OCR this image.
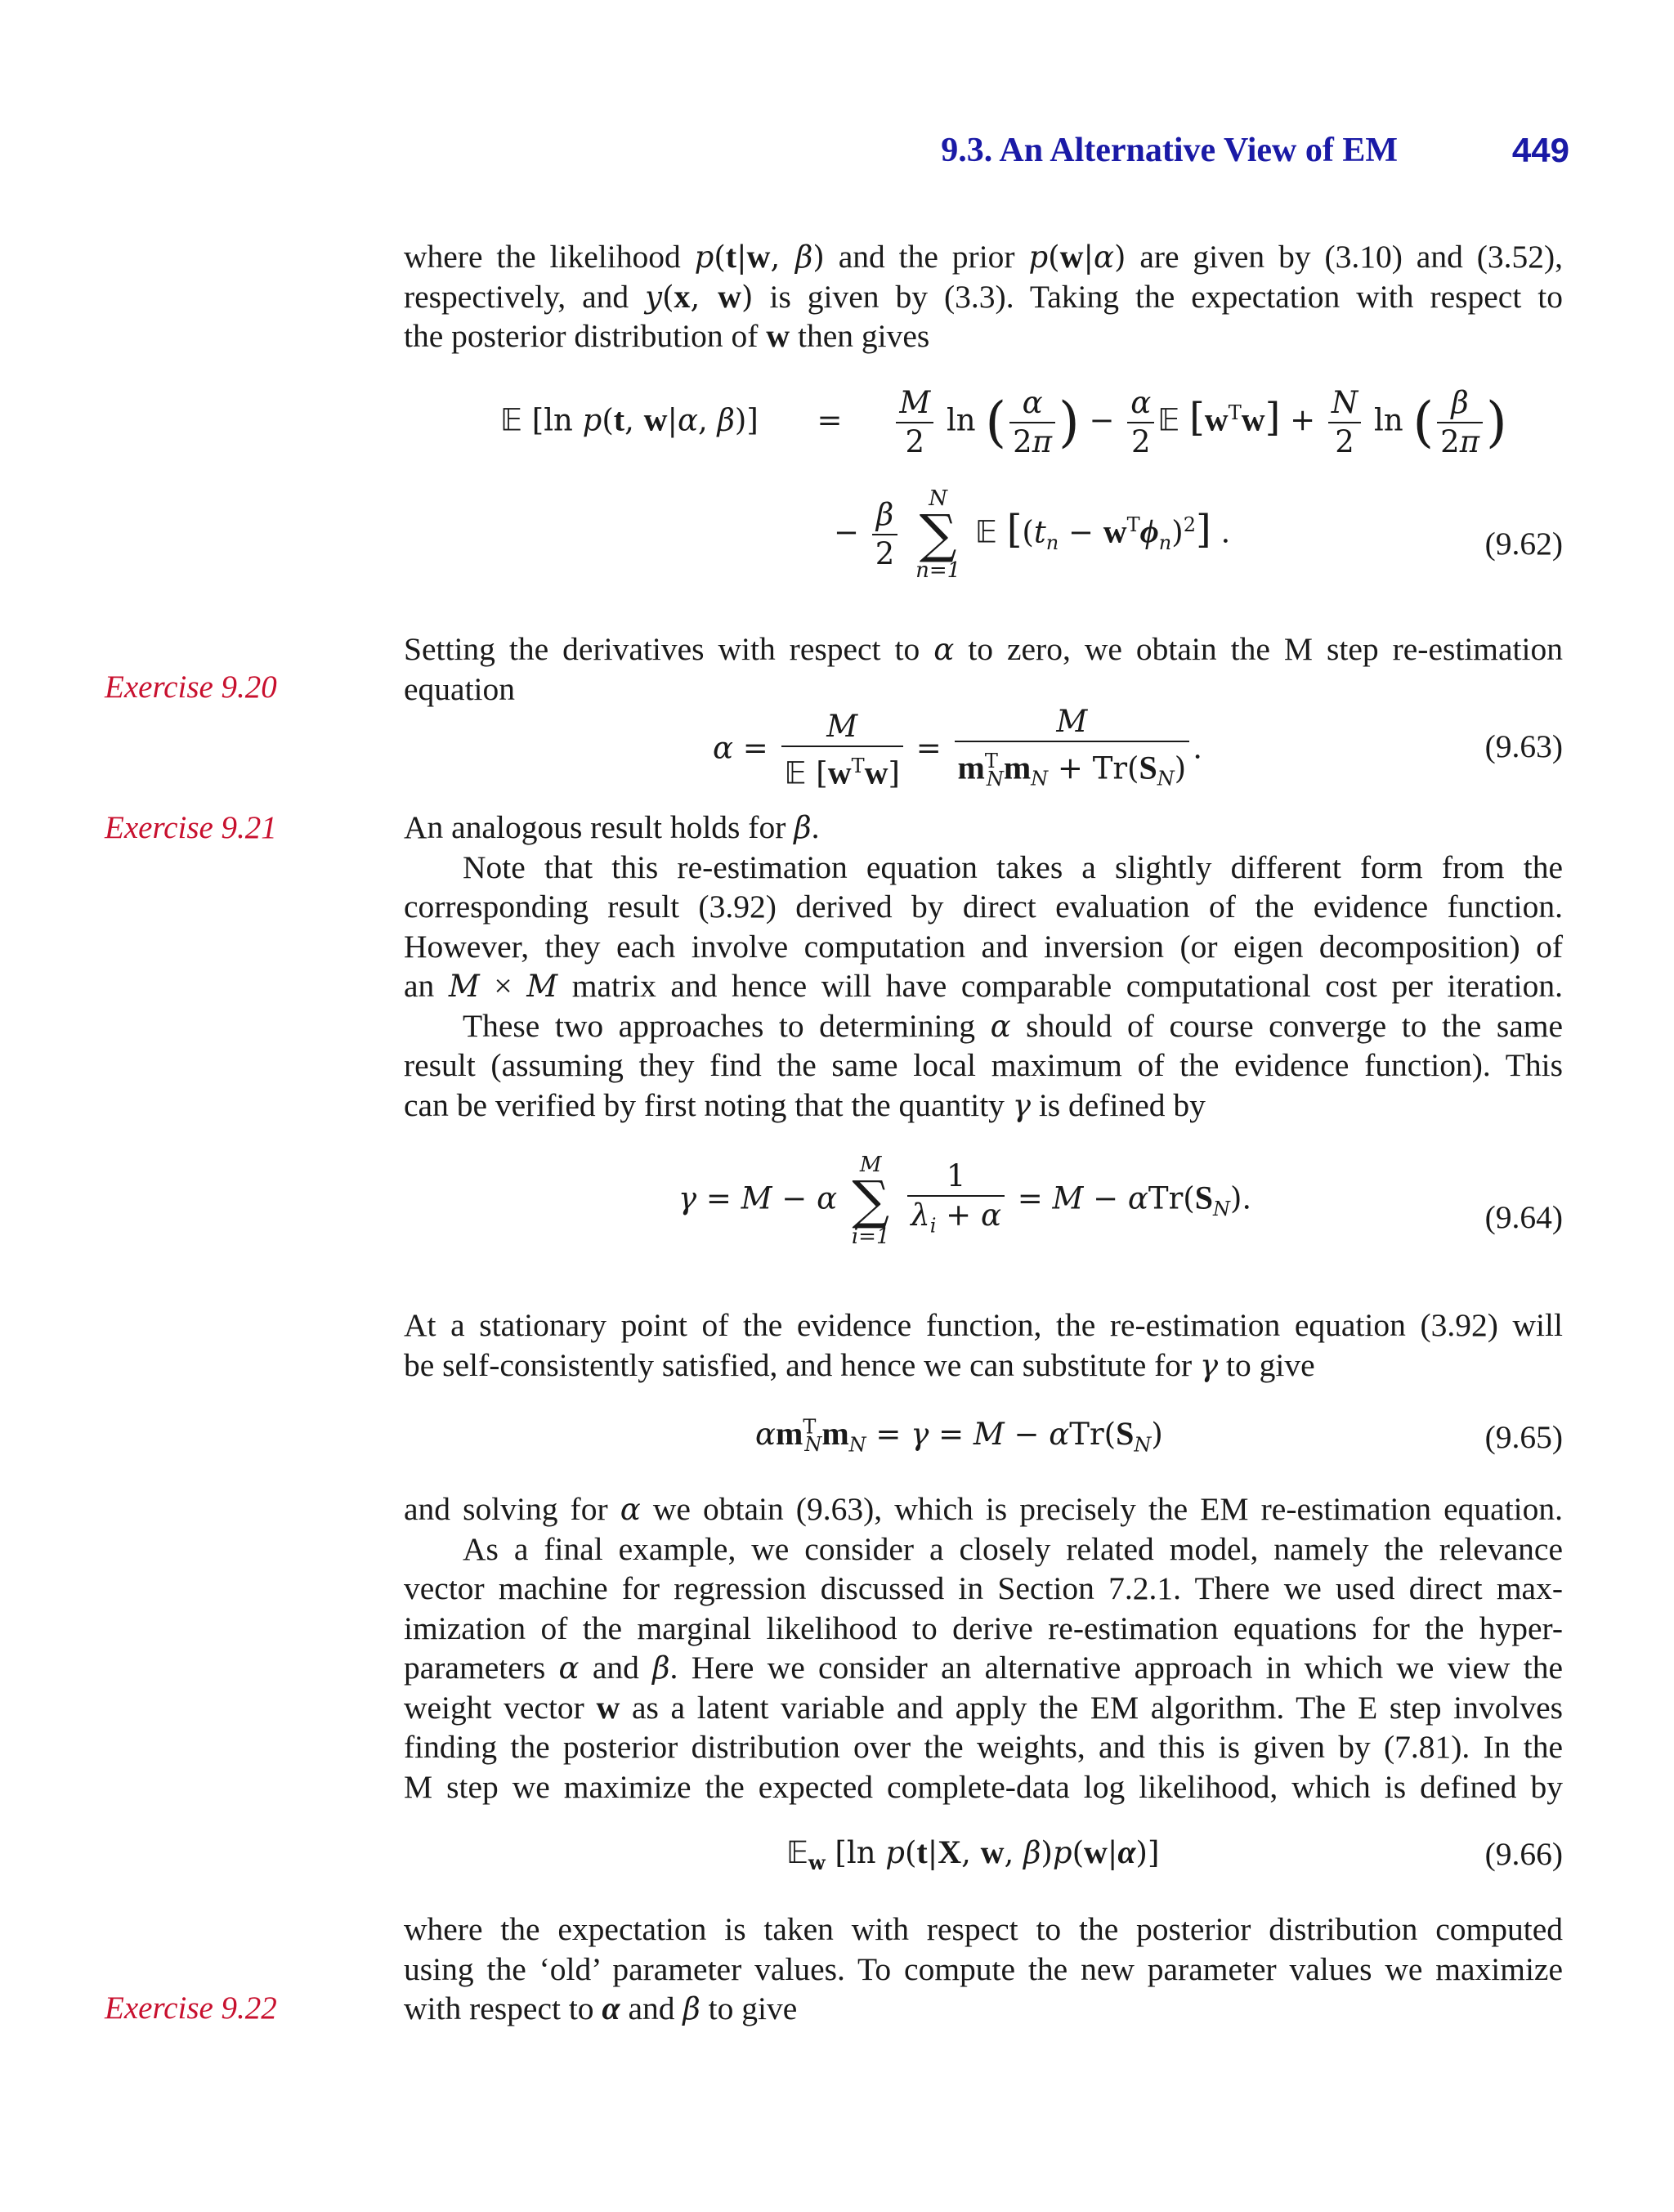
9.3. An Alternative View of EM	449
where the likelihood p(t|w, β) and the prior p(w|α) are given by (3.10) and (3.52),
respectively, and y(x, w) is given by (3.3). Taking the expectation with respect to
the posterior distribution of w then gives
𝔼 [ln p(t, w|α, $\beta)] = \frac{M}{2}$ ln ( $\frac{\alpha}{2\pi}$ ) − $\frac{\alpha}{2}$ 𝔼 $[w^Tw] + \frac{N}{2}$ ln ( $\frac{\beta}{2\pi}$ )
− $\frac{\beta}{2}$
	N
∑
n=1
𝔼 $[(t_n - w^T\phi_n)^2]$ .	(9.62)
Exercise 9.20
Setting the derivatives with respect to α to zero, we obtain the M step re-estimation
equation
$\alpha = \frac{M}{𝔼 [w^Tw]} = \frac{M}{m^T_Nm_N + Tr(S_N)}$ .	(9.63)
Exercise 9.21	An analogous result holds for β.
Note that this re-estimation equation takes a slightly different form from the
corresponding result (3.92) derived by direct evaluation of the evidence function.
However, they each involve computation and inversion (or eigen decomposition) of
an M × M matrix and hence will have comparable computational cost per iteration.
These two approaches to determining α should of course converge to the same
result (assuming they find the same local maximum of the evidence function). This
can be verified by first noting that the quantity γ is defined by
γ = M − α
M
∑
i=1
$\frac{1}{\lambda_i + \alpha} = M - \alpha Tr(S_N)$.
(9.64)
At a stationary point of the evidence function, the re-estimation equation (3.92) will
be self-consistently satisfied, and hence we can substitute for γ to give
$\alpha m^T_Nm_N = \gamma = M - \alpha Tr(S_N)$	(9.65)
and solving for α we obtain (9.63), which is precisely the EM re-estimation equation.
As a final example, we consider a closely related model, namely the relevance
vector machine for regression discussed in Section 7.2.1. There we used direct max-
imization of the marginal likelihood to derive re-estimation equations for the hyper-
parameters α and β. Here we consider an alternative approach in which we view the
weight vector w as a latent variable and apply the EM algorithm. The E step involves
finding the posterior distribution over the weights, and this is given by (7.81). In the
M step we maximize the expected complete-data log likelihood, which is defined by
𝔼$_w$ [ln p(t|X, w, β)p(w|α)]	(9.66)
Exercise 9.22
where the expectation is taken with respect to the posterior distribution computed
using the ‘old’ parameter values. To compute the new parameter values we maximize
with respect to α and β to give
